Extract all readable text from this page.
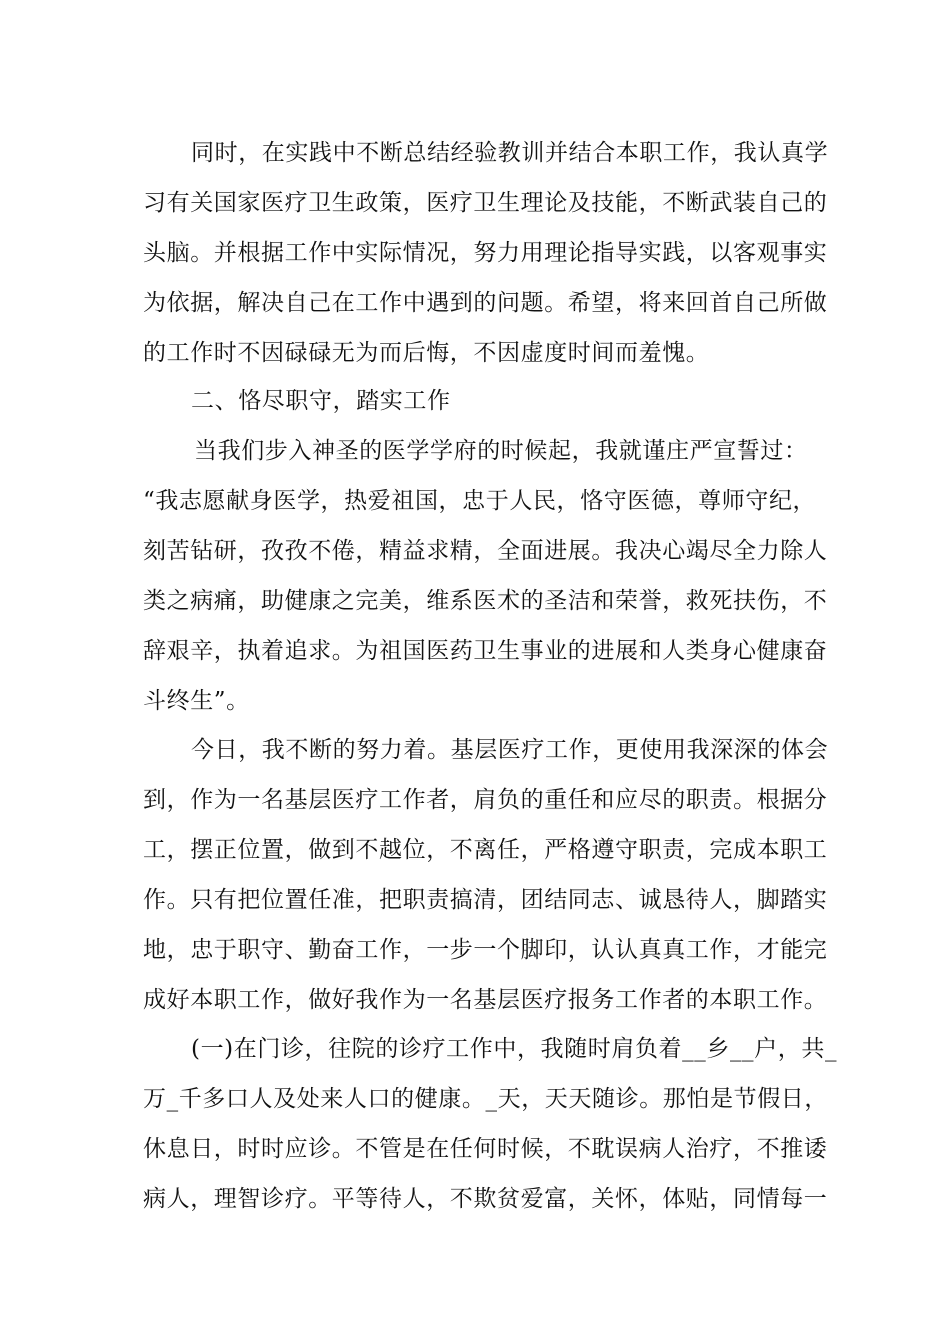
同时，在实践中不断总结经验教训并结合本职工作，我认真学
习有关国家医疗卫生政策，医疗卫生理论及技能，不断武装自己的
头脑。并根据工作中实际情况，努力用理论指导实践，以客观事实
为依据，解决自己在工作中遇到的问题。希望，将来回首自己所做
的工作时不因碌碌无为而后悔，不因虚度时间而羞愧。
二、恪尽职守，踏实工作
当我们步入神圣的医学学府的时候起，我就谨庄严宣誓过：
“我志愿献身医学，热爱祖国，忠于人民，恪守医德，尊师守纪，
刻苦钻研，孜孜不倦，精益求精，全面进展。我决心竭尽全力除人
类之病痛，助健康之完美，维系医术的圣洁和荣誉，救死扶伤，不
辞艰辛，执着追求。为祖国医药卫生事业的进展和人类身心健康奋
斗终生”。
今日，我不断的努力着。基层医疗工作，更使用我深深的体会
到，作为一名基层医疗工作者，肩负的重任和应尽的职责。根据分
工，摆正位置，做到不越位，不离任，严格遵守职责，完成本职工
作。只有把位置任准，把职责搞清，团结同志、诚恳待人，脚踏实
地，忠于职守、勤奋工作，一步一个脚印，认认真真工作，才能完
成好本职工作，做好我作为一名基层医疗报务工作者的本职工作。
(一)在门诊，往院的诊疗工作中，我随时肩负着__乡__户，共_
万_千多口人及处来人口的健康。_天，天天随诊。那怕是节假日，
休息日，时时应诊。不管是在任何时候，不耽误病人治疗，不推诿
病人，理智诊疗。平等待人，不欺贫爱富，关怀，体贴，同情每一
